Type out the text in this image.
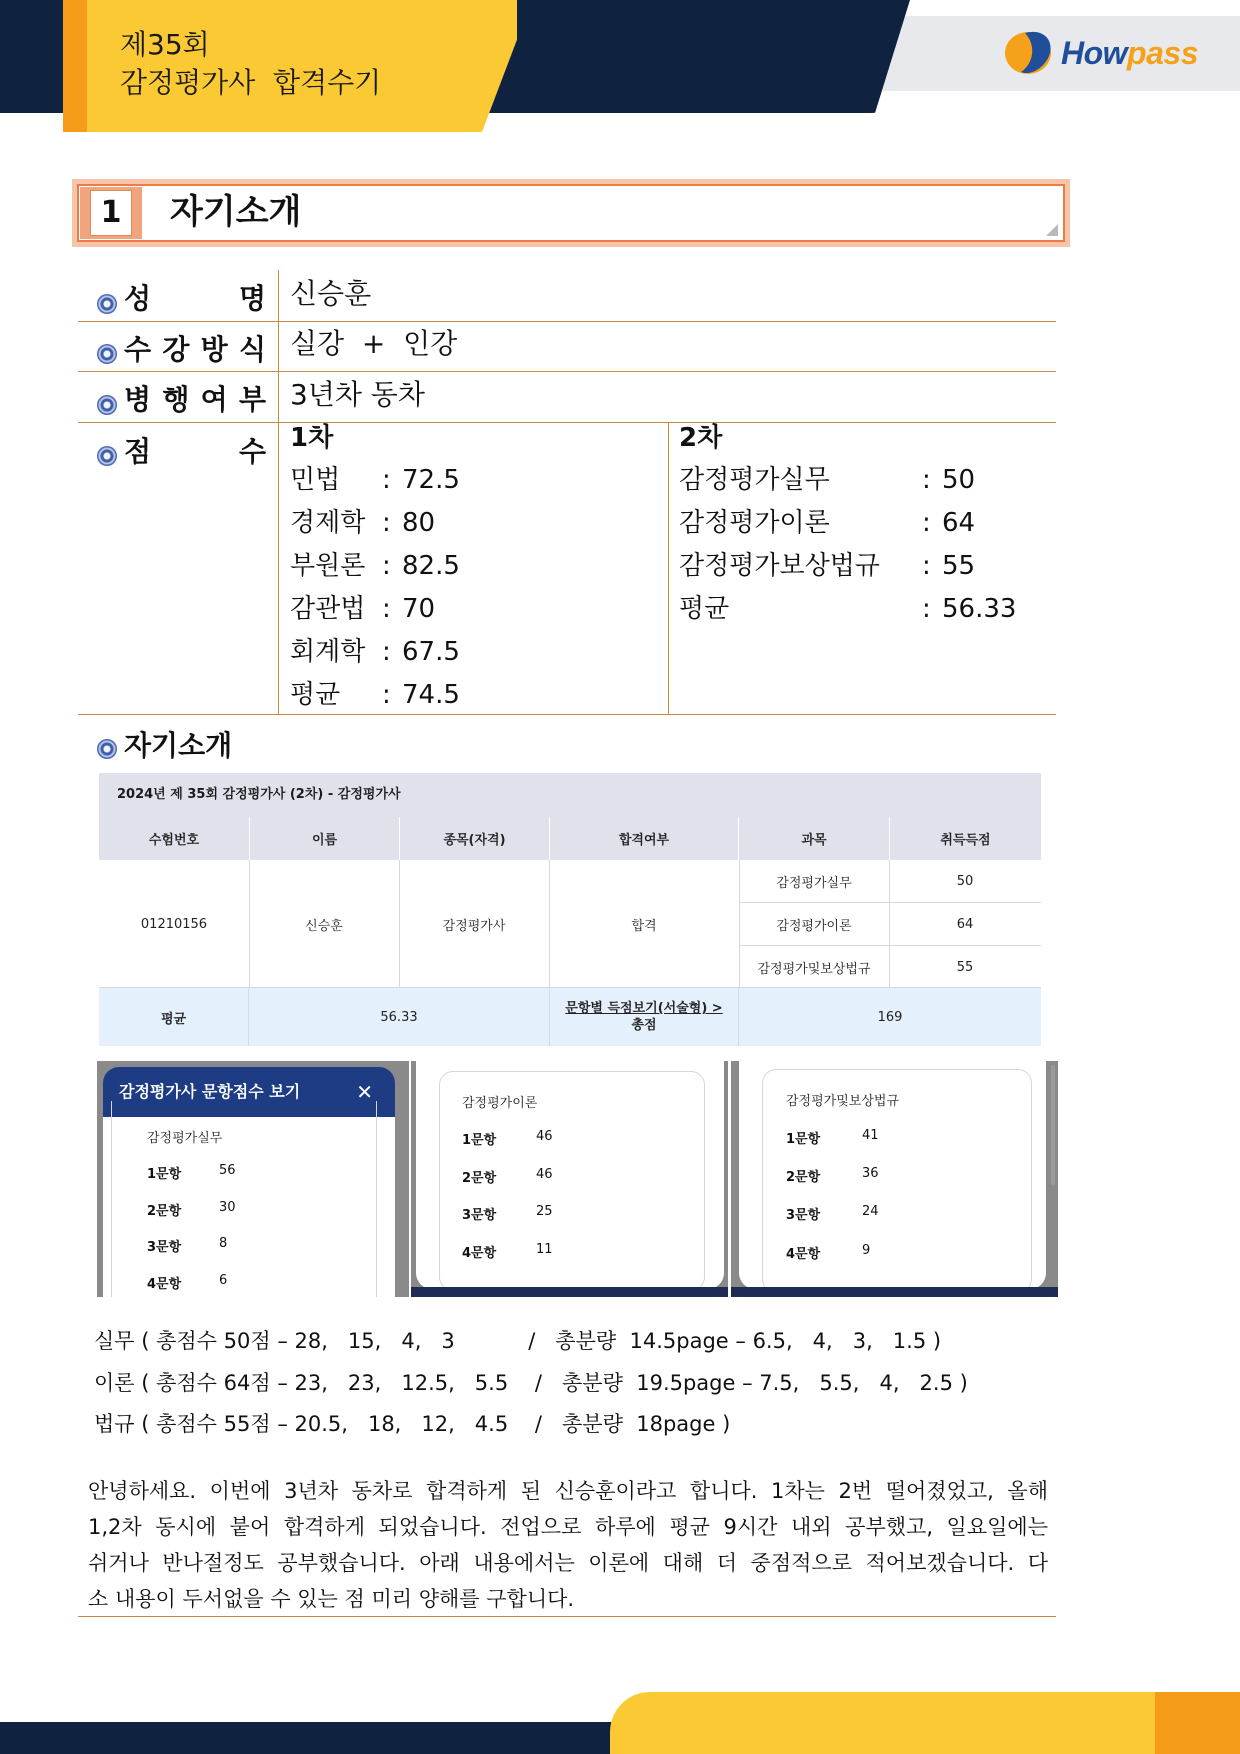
제35회
감정평가사  합격수기
Howpass
1	자기소개
성	명 신승훈
수 강 방 식 실강  +  인강
병 행 여 부 3년차 동차
점	수 1차	2차
민법	: 72.5
경제학 : 80
부원론 : 82.5
감관법 : 70
회계학 : 67.5
평균	: 74.5
감정평가실무	: 50
감정평가이론	: 64
감정평가보상법규	: 55
평균	: 56.33
자기소개
2024년 제 35회 감정평가사 (2차) - 감정평가사
수험번호	이름	종목(자격)	합격여부	과목	취득득점
01210156	신승훈	감정평가사	합격
감정평가실무	50
감정평가이론	64
감정평가및보상법규	55
평균	56.33
문항별 득점보기(서술형) >
총점
169
감정평가사 문항점수 보기	✕
감정평가실무
1문항	56
2문항	30
3문항	8
4문항	6
감정평가이론
1문항	46
2문항	46
3문항	25
4문항	11
감정평가및보상법규
1문항	41
2문항	36
3문항	24
4문항	9
실무 ( 총점수 50점 – 28,   15,   4,   3           /   총분량  14.5page – 6.5,   4,   3,   1.5 )
이론 ( 총점수 64점 – 23,   23,   12.5,   5.5    /   총분량  19.5page – 7.5,   5.5,   4,   2.5 )
법규 ( 총점수 55점 – 20.5,   18,   12,   4.5    /   총분량  18page )
안녕하세요. 이번에 3년차 동차로 합격하게 된 신승훈이라고 합니다. 1차는 2번 떨어졌었고, 올해
1,2차 동시에 붙어 합격하게 되었습니다. 전업으로 하루에 평균 9시간 내외 공부했고, 일요일에는
쉬거나 반나절정도 공부했습니다. 아래 내용에서는 이론에 대해 더 중점적으로 적어보겠습니다. 다
소 내용이 두서없을 수 있는 점 미리 양해를 구합니다.
